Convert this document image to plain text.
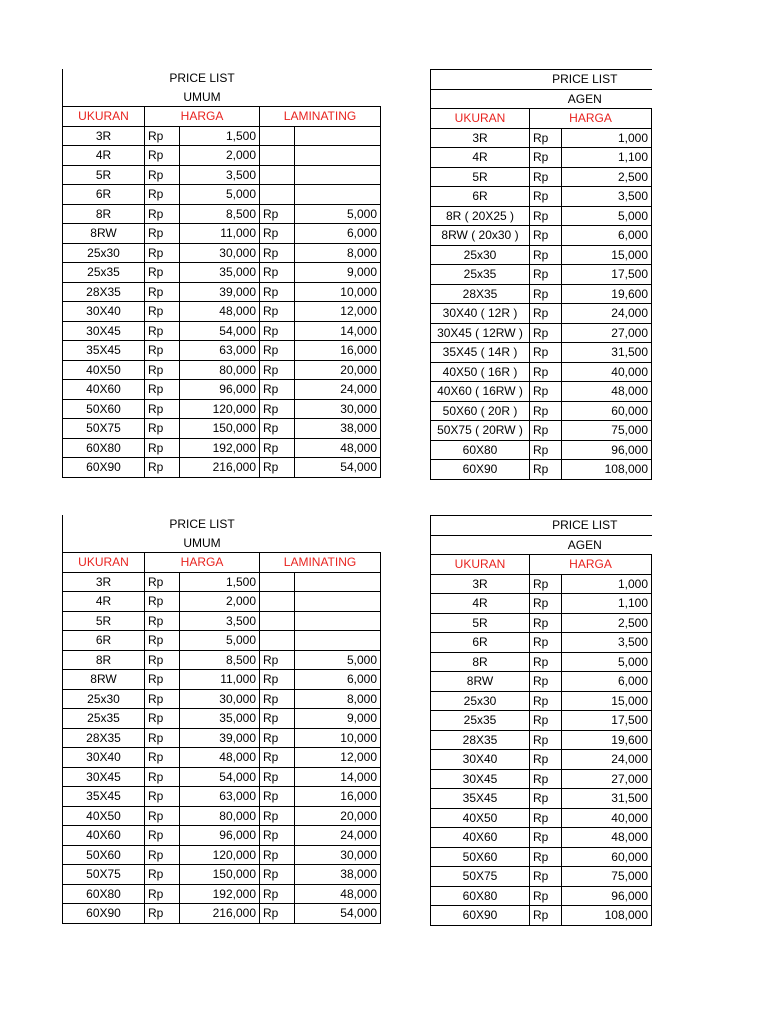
	PRICE LIST			
	UMUM			
UKURAN	HARGA		LAMINATING	
3R	Rp	1,500		
4R	Rp	2,000		
5R	Rp	3,500		
6R	Rp	5,000		
8R	Rp	8,500	Rp	5,000
8RW	Rp	11,000	Rp	6,000
25x30	Rp	30,000	Rp	8,000
25x35	Rp	35,000	Rp	9,000
28X35	Rp	39,000	Rp	10,000
30X40	Rp	48,000	Rp	12,000
30X45	Rp	54,000	Rp	14,000
35X45	Rp	63,000	Rp	16,000
40X50	Rp	80,000	Rp	20,000
40X60	Rp	96,000	Rp	24,000
50X60	Rp	120,000	Rp	30,000
50X75	Rp	150,000	Rp	38,000
60X80	Rp	192,000	Rp	48,000
60X90	Rp	216,000	Rp	54,000
PRICE LIST		
AGEN		
UKURAN	HARGA	
3R	Rp	1,000
4R	Rp	1,100
5R	Rp	2,500
6R	Rp	3,500
8R ( 20X25 )	Rp	5,000
8RW ( 20x30 )	Rp	6,000
25x30	Rp	15,000
25x35	Rp	17,500
28X35	Rp	19,600
30X40 ( 12R )	Rp	24,000
30X45 ( 12RW )	Rp	27,000
35X45 ( 14R )	Rp	31,500
40X50 ( 16R )	Rp	40,000
40X60 ( 16RW )	Rp	48,000
50X60 ( 20R )	Rp	60,000
50X75 ( 20RW )	Rp	75,000
60X80	Rp	96,000
60X90	Rp	108,000
	PRICE LIST			
	UMUM			
UKURAN	HARGA		LAMINATING	
3R	Rp	1,500		
4R	Rp	2,000		
5R	Rp	3,500		
6R	Rp	5,000		
8R	Rp	8,500	Rp	5,000
8RW	Rp	11,000	Rp	6,000
25x30	Rp	30,000	Rp	8,000
25x35	Rp	35,000	Rp	9,000
28X35	Rp	39,000	Rp	10,000
30X40	Rp	48,000	Rp	12,000
30X45	Rp	54,000	Rp	14,000
35X45	Rp	63,000	Rp	16,000
40X50	Rp	80,000	Rp	20,000
40X60	Rp	96,000	Rp	24,000
50X60	Rp	120,000	Rp	30,000
50X75	Rp	150,000	Rp	38,000
60X80	Rp	192,000	Rp	48,000
60X90	Rp	216,000	Rp	54,000
PRICE LIST		
AGEN		
UKURAN	HARGA	
3R	Rp	1,000
4R	Rp	1,100
5R	Rp	2,500
6R	Rp	3,500
8R	Rp	5,000
8RW	Rp	6,000
25x30	Rp	15,000
25x35	Rp	17,500
28X35	Rp	19,600
30X40	Rp	24,000
30X45	Rp	27,000
35X45	Rp	31,500
40X50	Rp	40,000
40X60	Rp	48,000
50X60	Rp	60,000
50X75	Rp	75,000
60X80	Rp	96,000
60X90	Rp	108,000
